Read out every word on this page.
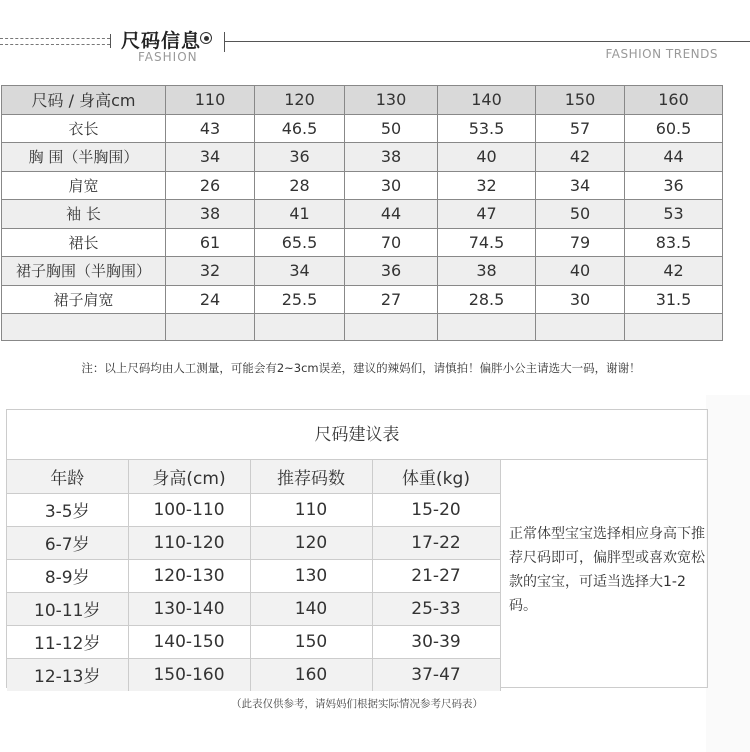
尺码信息
FASHION	FASHION TRENDS
尺码 / 身高cm	110	120	130	140	150	160
衣长	43	46.5	50	53.5	57	60.5
胸 围（半胸围）	34	36	38	40	42	44
肩宽	26	28	30	32	34	36
袖 长	38	41	44	47	50	53
裙长	61	65.5	70	74.5	79	83.5
裙子胸围（半胸围）	32	34	36	38	40	42
裙子肩宽	24	25.5	27	28.5	30	31.5

注：以上尺码均由人工测量，可能会有2~3cm误差，建议的辣妈们，请慎拍！偏胖小公主请选大一码，谢谢！
尺码建议表
年龄	身高(cm)	推荐码数	体重(kg)
3-5岁	100-110	110	15-20
6-7岁	110-120	120	17-22
8-9岁	120-130	130	21-27
10-11岁	130-140	140	25-33
11-12岁	140-150	150	30-39
12-13岁	150-160	160	37-47
正常体型宝宝选择相应身高下推荐尺码即可，偏胖型或喜欢宽松款的宝宝，可适当选择大1-2码。
（此表仅供参考，请妈妈们根据实际情况参考尺码表）
